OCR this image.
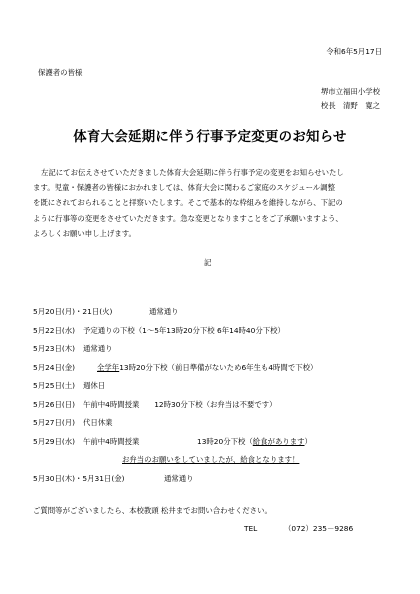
令和6年5月17日
保護者の皆様
堺市立福田小学校
校長　清野　寛之
体育大会延期に伴う行事予定変更のお知らせ

左記にてお伝えさせていただきました体育大会延期に伴う行事予定の変更をお知らせいたし

ます。児童・保護者の皆様におかれましては、体育大会に関わるご家庭のスケジュール調整

を既にされておられることと拝察いたします。そこで基本的な枠組みを維持しながら、下記の

ように行事等の変更をさせていただきます。急な変更となりますことをご了承願いますよう、

よろしくお願い申し上げます。

記
5月20日(月)・21日(火)	通常通り
5月22日(水) 予定通りの下校（1～5年13時20分下校 6年14時40分下校）
5月23日(木) 通常通り
5月24日(金)	全学年13時20分下校（前日準備がないため6年生も4時間で下校）
5月25日(土) 週休日
5月26日(日) 午前中4時間授業　　12時30分下校（お弁当は不要です）
5月27日(月) 代日休業
5月29日(水) 午前中4時間授業	13時20分下校（給食があります）
お弁当のお願いをしていましたが、給食となります！
5月30日(木)・5月31日(金)	通常通り
ご質問等がございましたら、本校教頭 松井までお問い合わせください。
TEL	（072）235－9286
